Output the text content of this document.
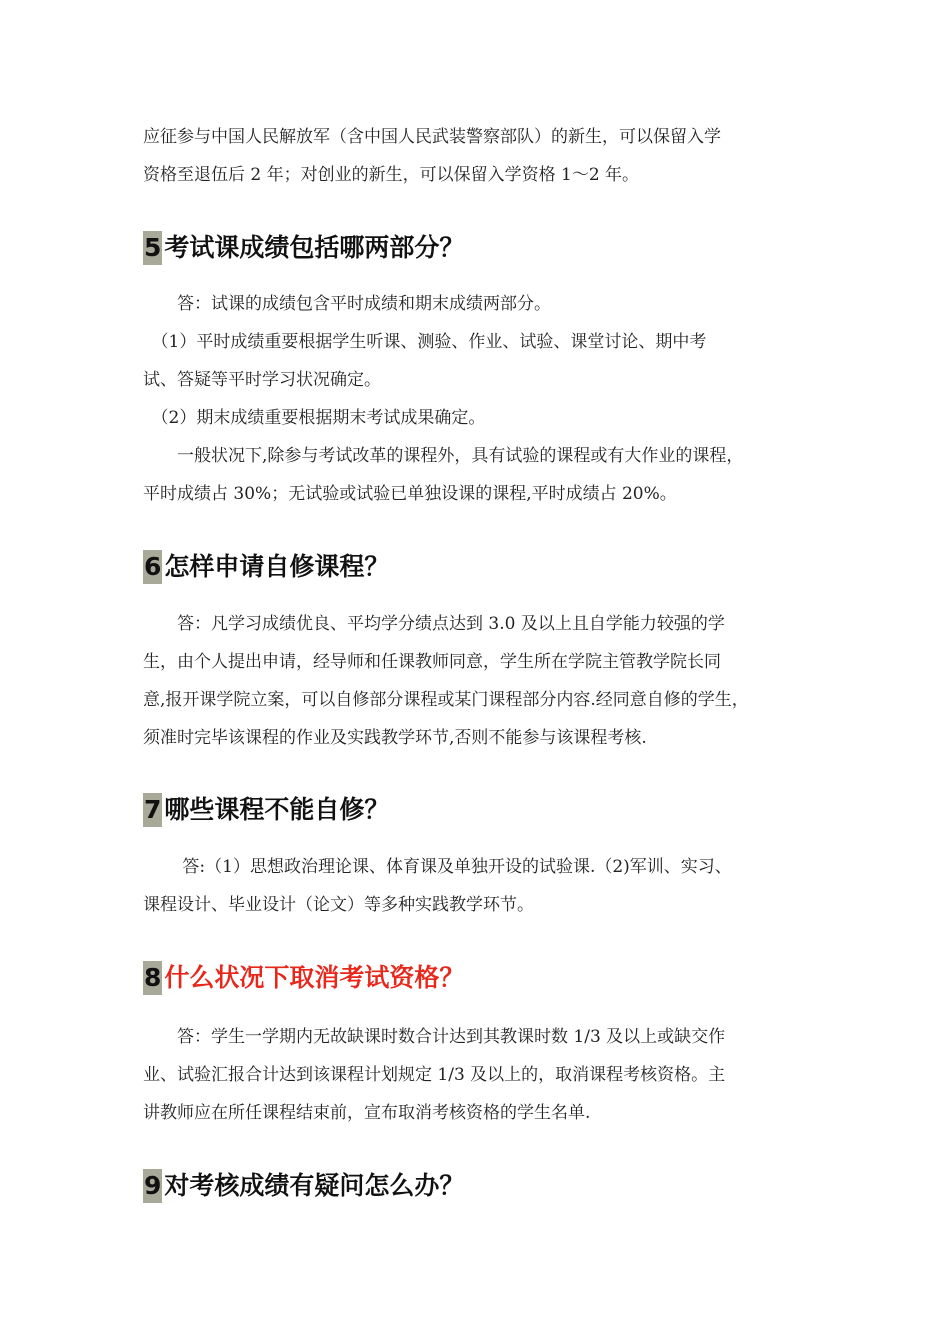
应征参与中国人民解放军（含中国人民武装警察部队）的新生，可以保留入学
资格至退伍后 2 年；对创业的新生，可以保留入学资格 1～2 年。

5 考试课成绩包括哪两部分？

　　答：试课的成绩包含平时成绩和期末成绩两部分。

　（1）平时成绩重要根据学生听课、测验、作业、试验、课堂讨论、期中考
试、答疑等平时学习状况确定。

　（2）期末成绩重要根据期末考试成果确定。

　　一般状况下,除参与考试改革的课程外，具有试验的课程或有大作业的课程，
平时成绩占 30%；无试验或试验已单独设课的课程,平时成绩占 20%。

6 怎样申请自修课程？

　　答：凡学习成绩优良、平均学分绩点达到 3.0 及以上且自学能力较强的学
生，由个人提出申请，经导师和任课教师同意，学生所在学院主管教学院长同
意,报开课学院立案，可以自修部分课程或某门课程部分内容.经同意自修的学生，
须准时完毕该课程的作业及实践教学环节,否则不能参与该课程考核.

7 哪些课程不能自修？

　　 答:（1）思想政治理论课、体育课及单独开设的试验课.（2)军训、实习、
课程设计、毕业设计（论文）等多种实践教学环节。

8 什么状况下取消考试资格？

　　答：学生一学期内无故缺课时数合计达到其教课时数 1/3 及以上或缺交作
业、试验汇报合计达到该课程计划规定 1/3 及以上的，取消课程考核资格。主
讲教师应在所任课程结束前，宣布取消考核资格的学生名单.

9 对考核成绩有疑问怎么办？
